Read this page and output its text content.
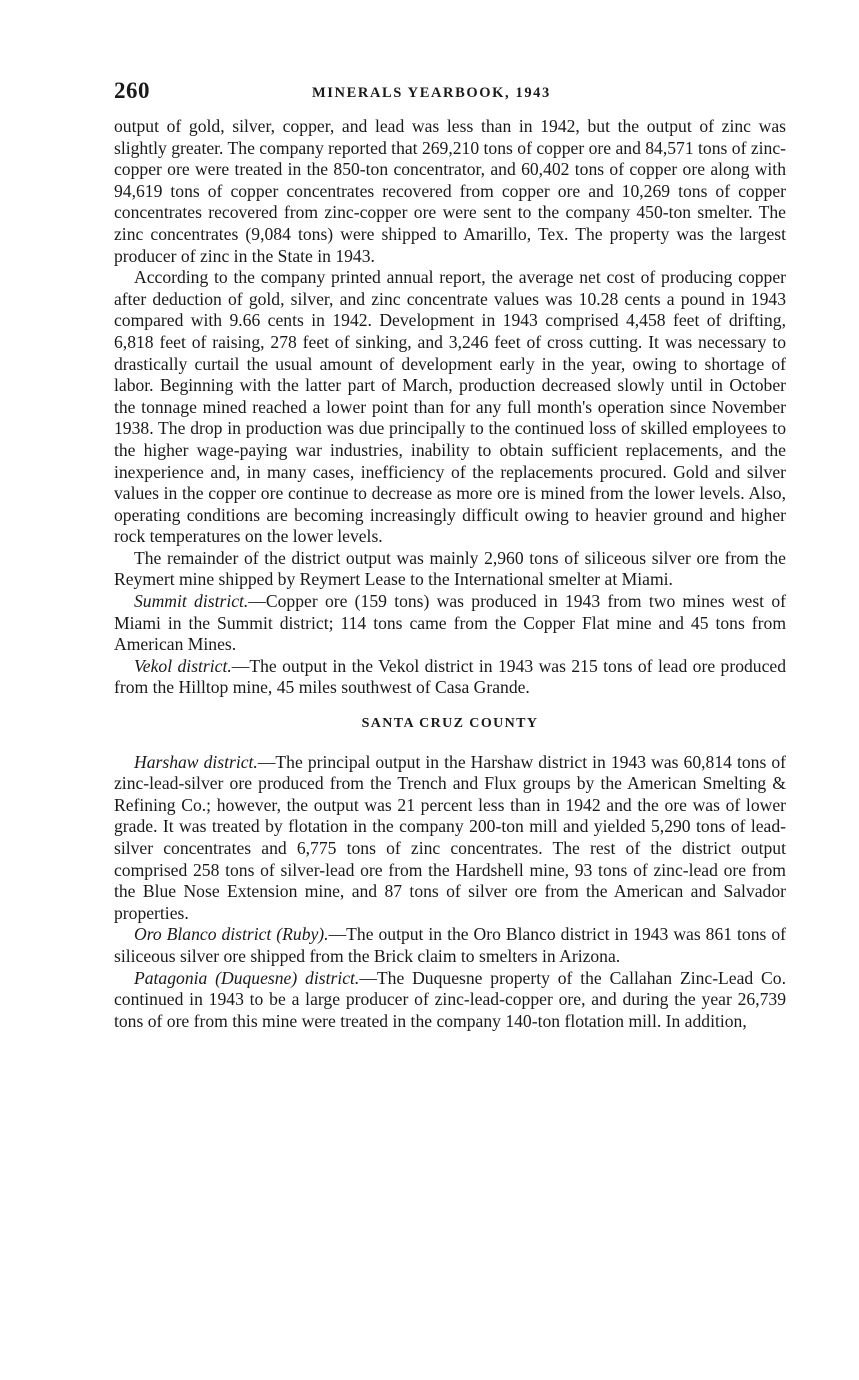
260	MINERALS YEARBOOK, 1943

output of gold, silver, copper, and lead was less than in 1942, but the output of zinc was slightly greater. The company reported that 269,210 tons of copper ore and 84,571 tons of zinc-copper ore were treated in the 850-ton concentrator, and 60,402 tons of copper ore along with 94,619 tons of copper concentrates recovered from copper ore and 10,269 tons of copper concentrates recovered from zinc-copper ore were sent to the company 450-ton smelter. The zinc concentrates (9,084 tons) were shipped to Amarillo, Tex. The property was the largest producer of zinc in the State in 1943.

According to the company printed annual report, the average net cost of producing copper after deduction of gold, silver, and zinc concentrate values was 10.28 cents a pound in 1943 compared with 9.66 cents in 1942. Development in 1943 comprised 4,458 feet of drifting, 6,818 feet of raising, 278 feet of sinking, and 3,246 feet of cross cutting. It was necessary to drastically curtail the usual amount of development early in the year, owing to shortage of labor. Beginning with the latter part of March, production decreased slowly until in October the tonnage mined reached a lower point than for any full month's operation since November 1938. The drop in production was due principally to the continued loss of skilled employees to the higher wage-paying war industries, inability to obtain sufficient replacements, and the inexperience and, in many cases, inefficiency of the replacements procured. Gold and silver values in the copper ore continue to decrease as more ore is mined from the lower levels. Also, operating conditions are becoming increasingly difficult owing to heavier ground and higher rock temperatures on the lower levels.

The remainder of the district output was mainly 2,960 tons of siliceous silver ore from the Reymert mine shipped by Reymert Lease to the International smelter at Miami.

Summit district.—Copper ore (159 tons) was produced in 1943 from two mines west of Miami in the Summit district; 114 tons came from the Copper Flat mine and 45 tons from American Mines.

Vekol district.—The output in the Vekol district in 1943 was 215 tons of lead ore produced from the Hilltop mine, 45 miles southwest of Casa Grande.

SANTA CRUZ COUNTY

Harshaw district.—The principal output in the Harshaw district in 1943 was 60,814 tons of zinc-lead-silver ore produced from the Trench and Flux groups by the American Smelting & Refining Co.; however, the output was 21 percent less than in 1942 and the ore was of lower grade. It was treated by flotation in the company 200-ton mill and yielded 5,290 tons of lead-silver concentrates and 6,775 tons of zinc concentrates. The rest of the district output comprised 258 tons of silver-lead ore from the Hardshell mine, 93 tons of zinc-lead ore from the Blue Nose Extension mine, and 87 tons of silver ore from the American and Salvador properties.

Oro Blanco district (Ruby).—The output in the Oro Blanco district in 1943 was 861 tons of siliceous silver ore shipped from the Brick claim to smelters in Arizona.

Patagonia (Duquesne) district.—The Duquesne property of the Callahan Zinc-Lead Co. continued in 1943 to be a large producer of zinc-lead-copper ore, and during the year 26,739 tons of ore from this mine were treated in the company 140-ton flotation mill. In addition,
